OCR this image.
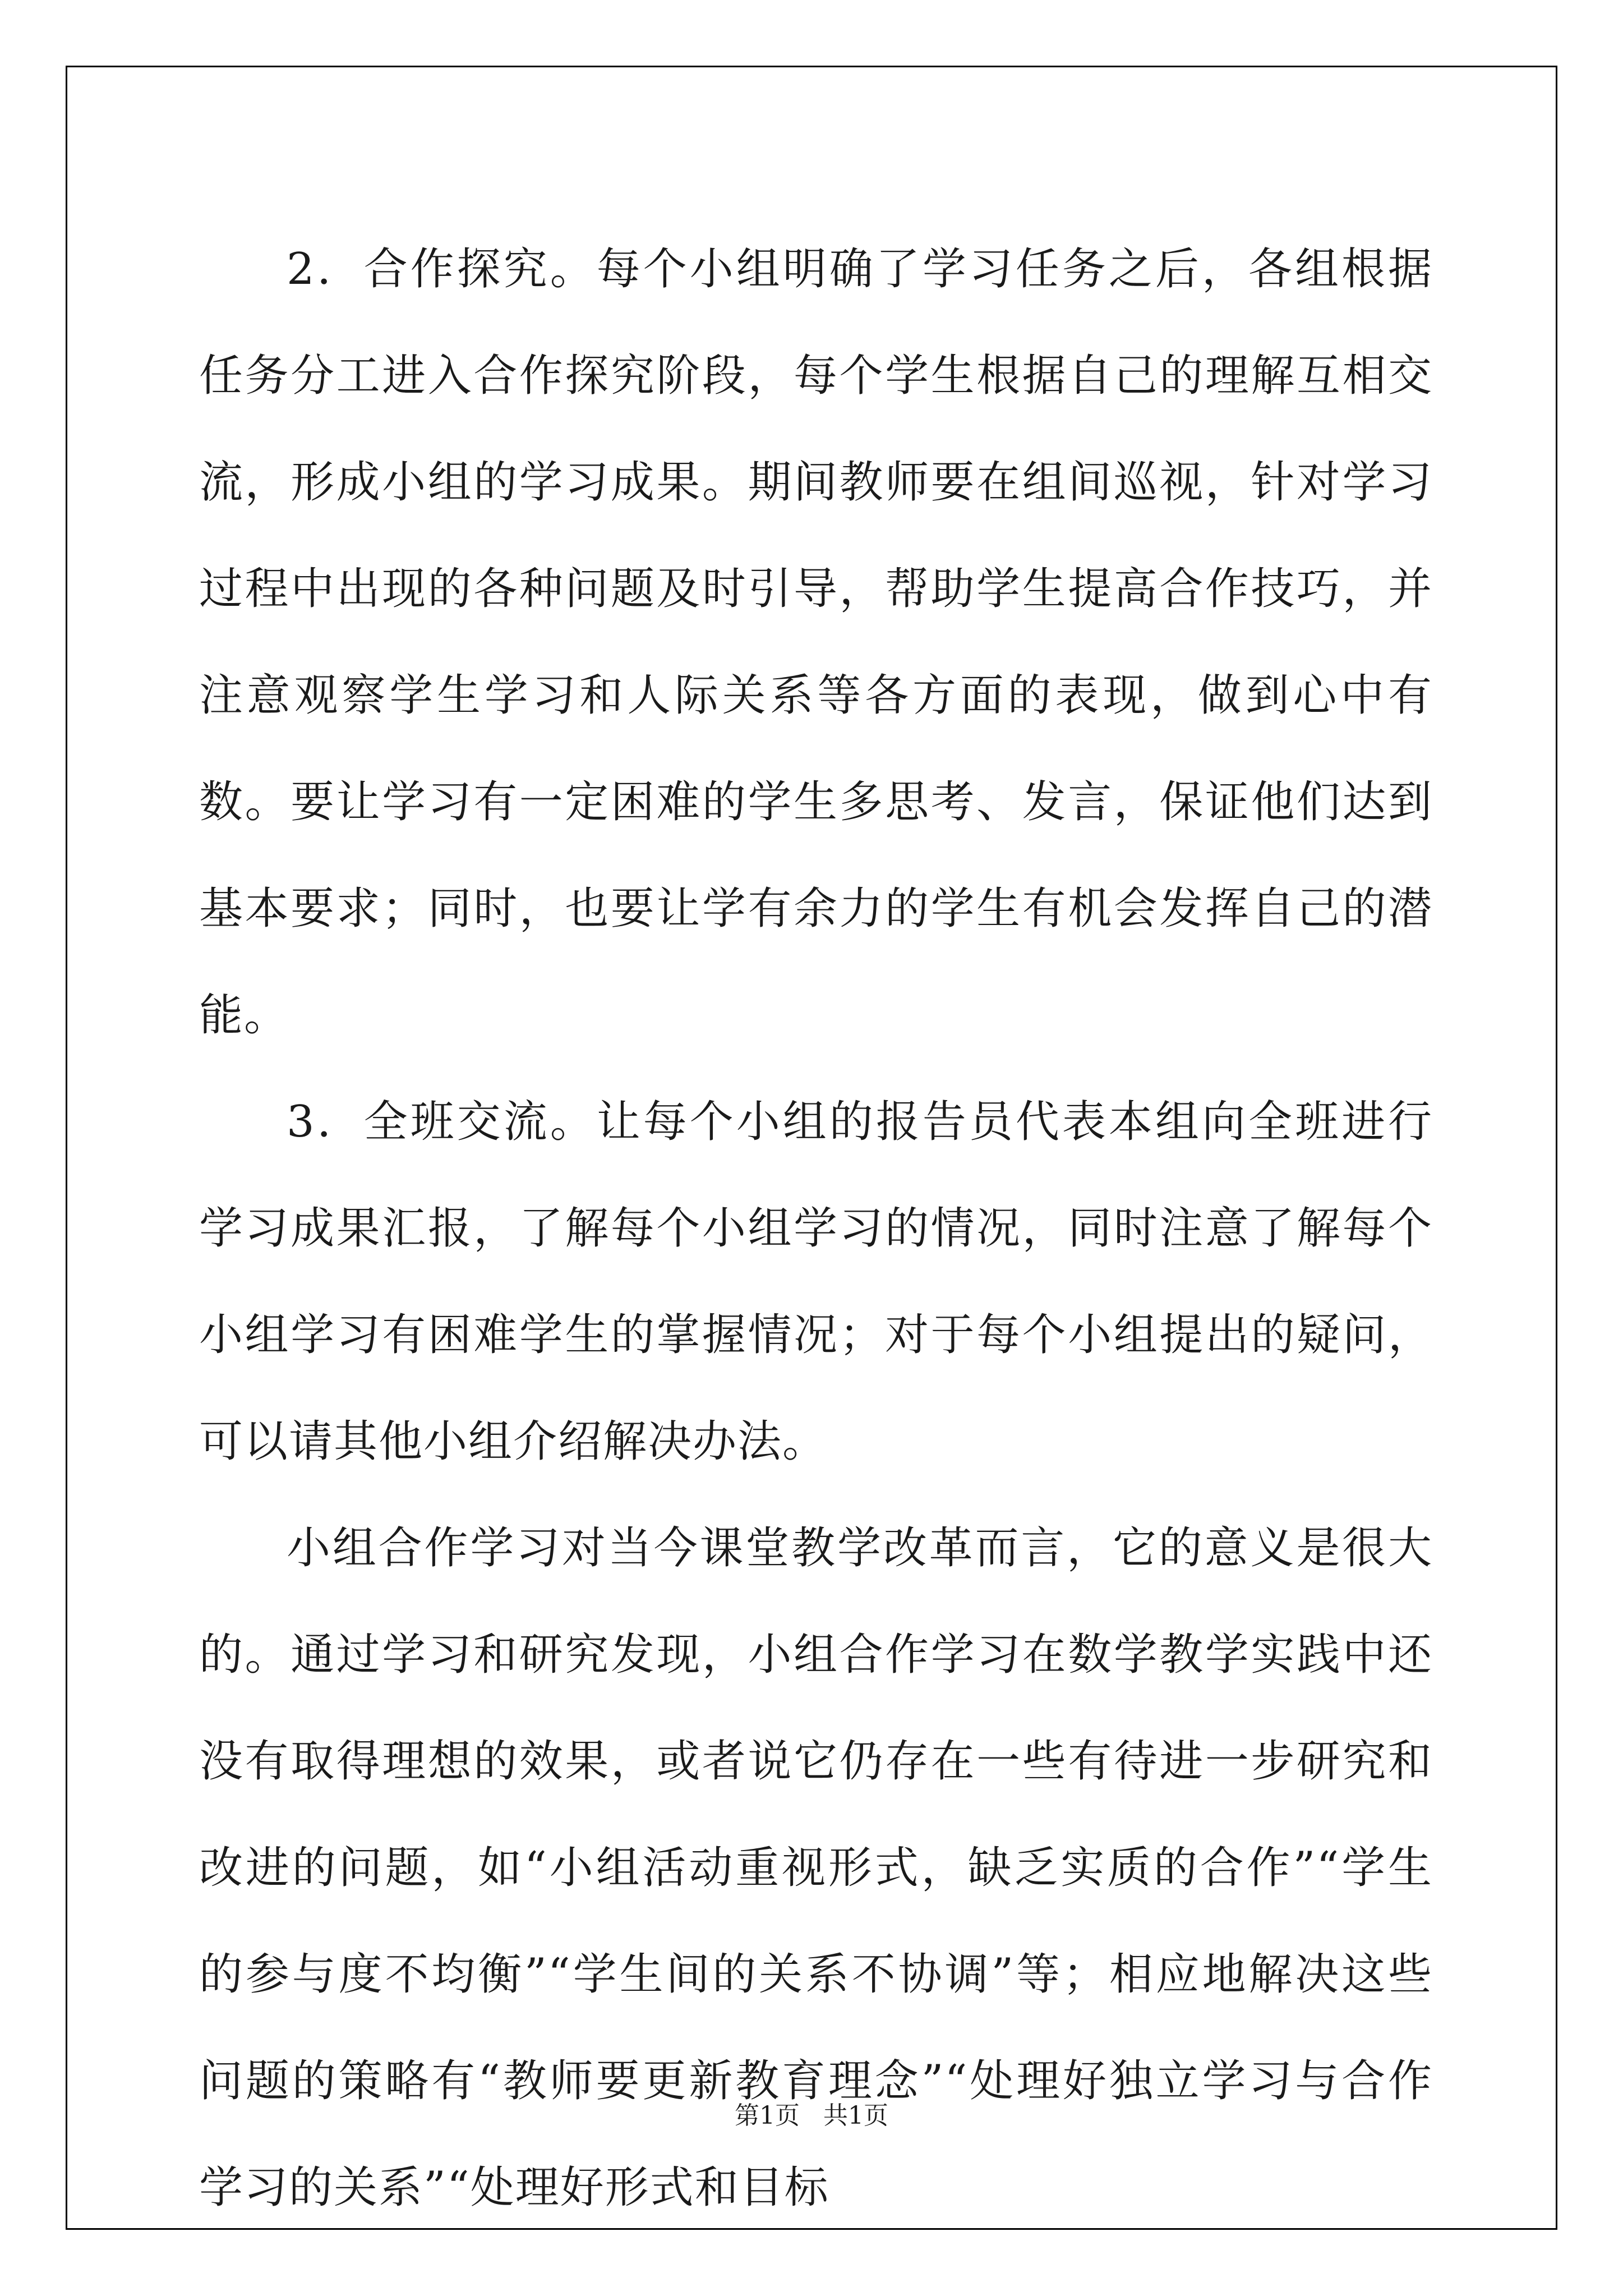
2．合作探究。每个小组明确了学习任务之后，各组根据任务分工进入合作探究阶段，每个学生根据自己的理解互相交流，形成小组的学习成果。期间教师要在组间巡视，针对学习过程中出现的各种问题及时引导，帮助学生提高合作技巧，并注意观察学生学习和人际关系等各方面的表现，做到心中有数。要让学习有一定困难的学生多思考、发言，保证他们达到基本要求；同时，也要让学有余力的学生有机会发挥自己的潜能。

3．全班交流。让每个小组的报告员代表本组向全班进行学习成果汇报，了解每个小组学习的情况，同时注意了解每个小组学习有困难学生的掌握情况；对于每个小组提出的疑问，可以请其他小组介绍解决办法。

小组合作学习对当今课堂教学改革而言，它的意义是很大的。通过学习和研究发现，小组合作学习在数学教学实践中还没有取得理想的效果，或者说它仍存在一些有待进一步研究和改进的问题，如“小组活动重视形式，缺乏实质的合作”“学生的参与度不均衡”“学生间的关系不协调”等；相应地解决这些问题的策略有“教师要更新教育理念”“处理好独立学习与合作学习的关系”“处理好形式和目标

第1页   共1页
